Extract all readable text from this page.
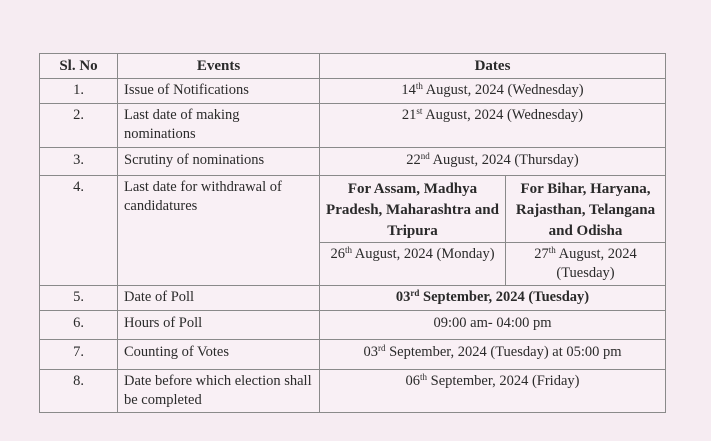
Sl. No	Events	Dates	
1.	Issue of Notifications	14th August, 2024 (Wednesday)	
2.	Last date of making nominations	21st August, 2024 (Wednesday)	
3.	Scrutiny of nominations	22nd August, 2024 (Thursday)	
4.	Last date for withdrawal of candidatures	For Assam, Madhya Pradesh, Maharashtra and Tripura	For Bihar, Haryana, Rajasthan, Telangana and Odisha
		26th August, 2024 (Monday)	27th August, 2024 (Tuesday)
5.	Date of Poll	03rd September, 2024 (Tuesday)	
6.	Hours of Poll	09:00 am- 04:00 pm	
7.	Counting of Votes	03rd September, 2024 (Tuesday) at 05:00 pm	
8.	Date before which election shall be completed	06th September, 2024 (Friday)	
